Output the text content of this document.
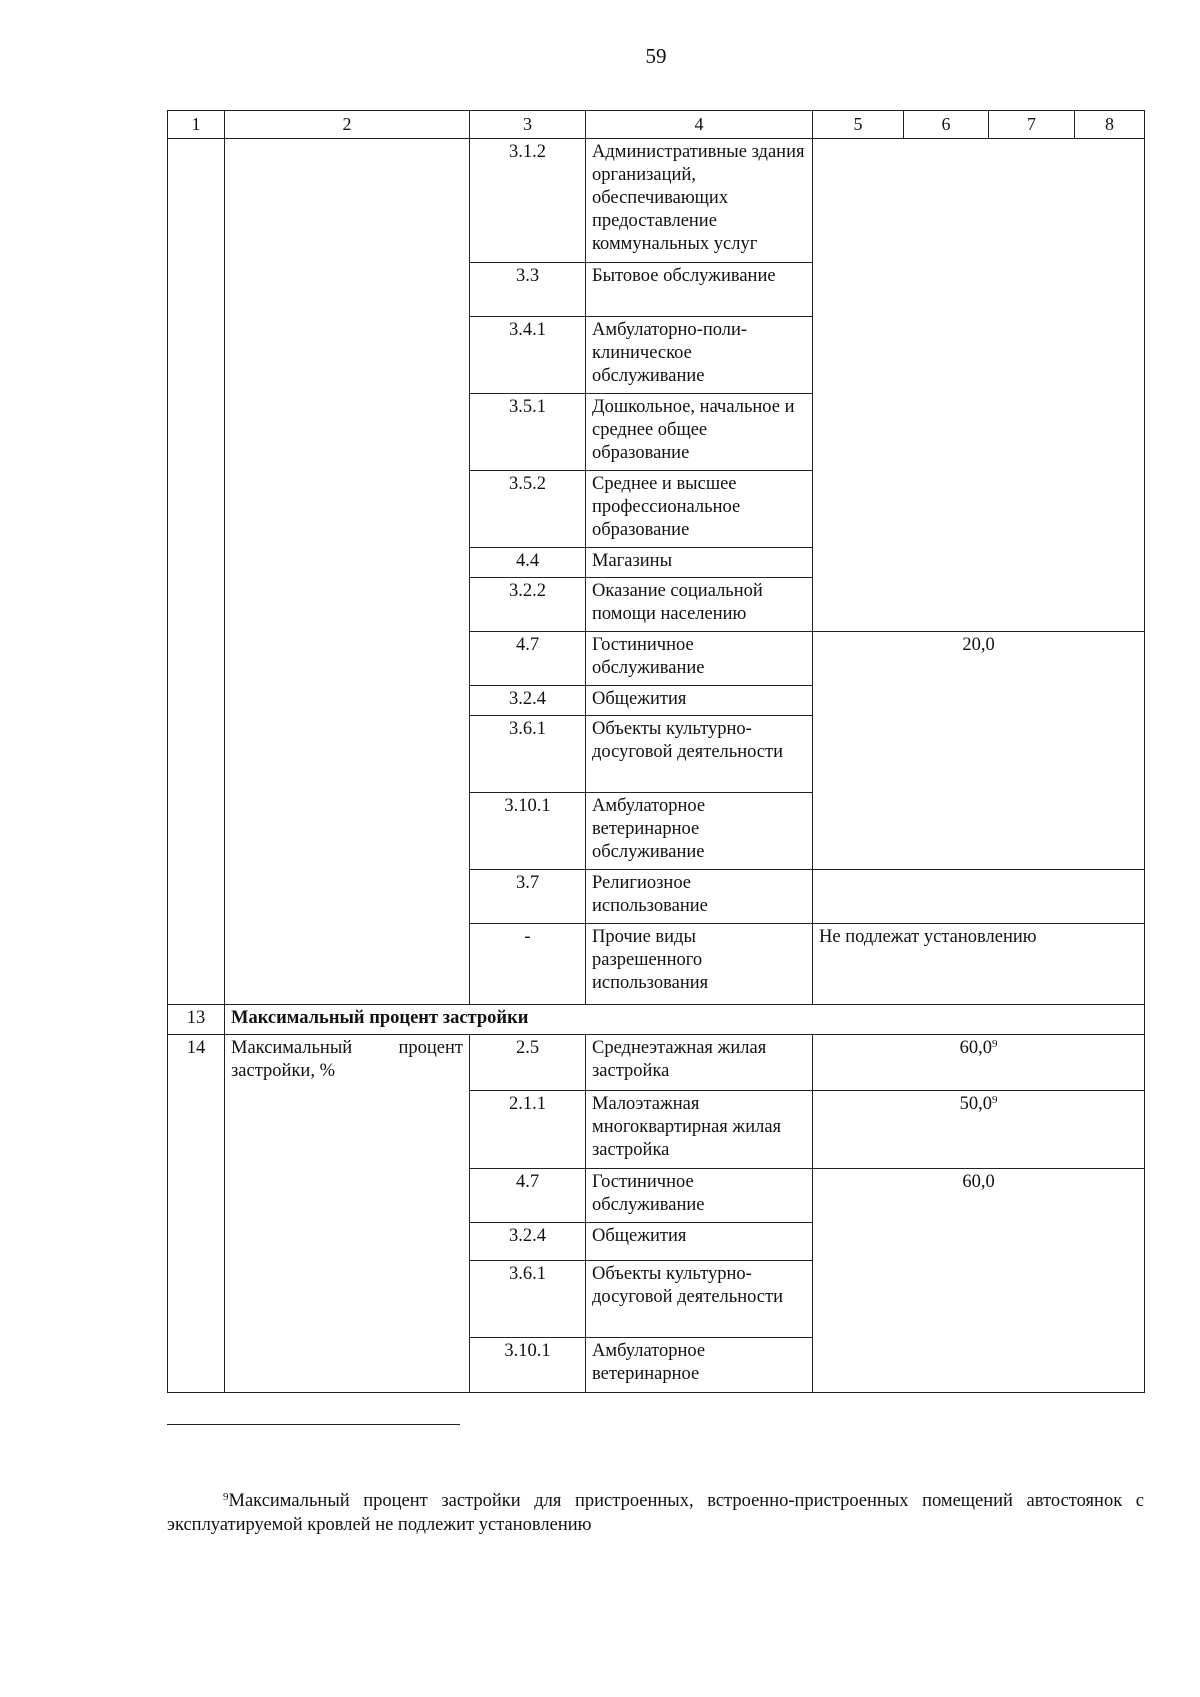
59
1	2	3	4	5	6	7	8
		3.1.2	Административные здания организаций, обеспечивающих предоставление коммунальных услуг				
		3.3	Бытовое обслуживание				
		3.4.1	Амбулаторно-поли-клиническое обслуживание				
		3.5.1	Дошкольное, начальное и среднее общее образование				
		3.5.2	Среднее и высшее профессиональное образование				
		4.4	Магазины				
		3.2.2	Оказание социальной помощи населению				
		4.7	Гостиничное обслуживание	20,0			
		3.2.4	Общежития				
		3.6.1	Объекты культурно-досуговой деятельности				
		3.10.1	Амбулаторное ветеринарное обслуживание				
		3.7	Религиозное использование				
		-	Прочие виды разрешенного использования	Не подлежат установлению			
13	Максимальный процент застройки						
14	Максимальный процент застройки, %	2.5	Среднеэтажная жилая застройка	60,0$^9$
		2.1.1	Малоэтажная многоквартирная жилая застройка	50,0$^9$
		4.7	Гостиничное обслуживание	60,0			
		3.2.4	Общежития				
		3.6.1	Объекты культурно-досуговой деятельности				
		3.10.1	Амбулаторное ветеринарное				
$^9$Максимальный процент застройки для пристроенных, встроенно-пристроенных помещений автостоянок с эксплуатируемой кровлей не подлежит установлению
